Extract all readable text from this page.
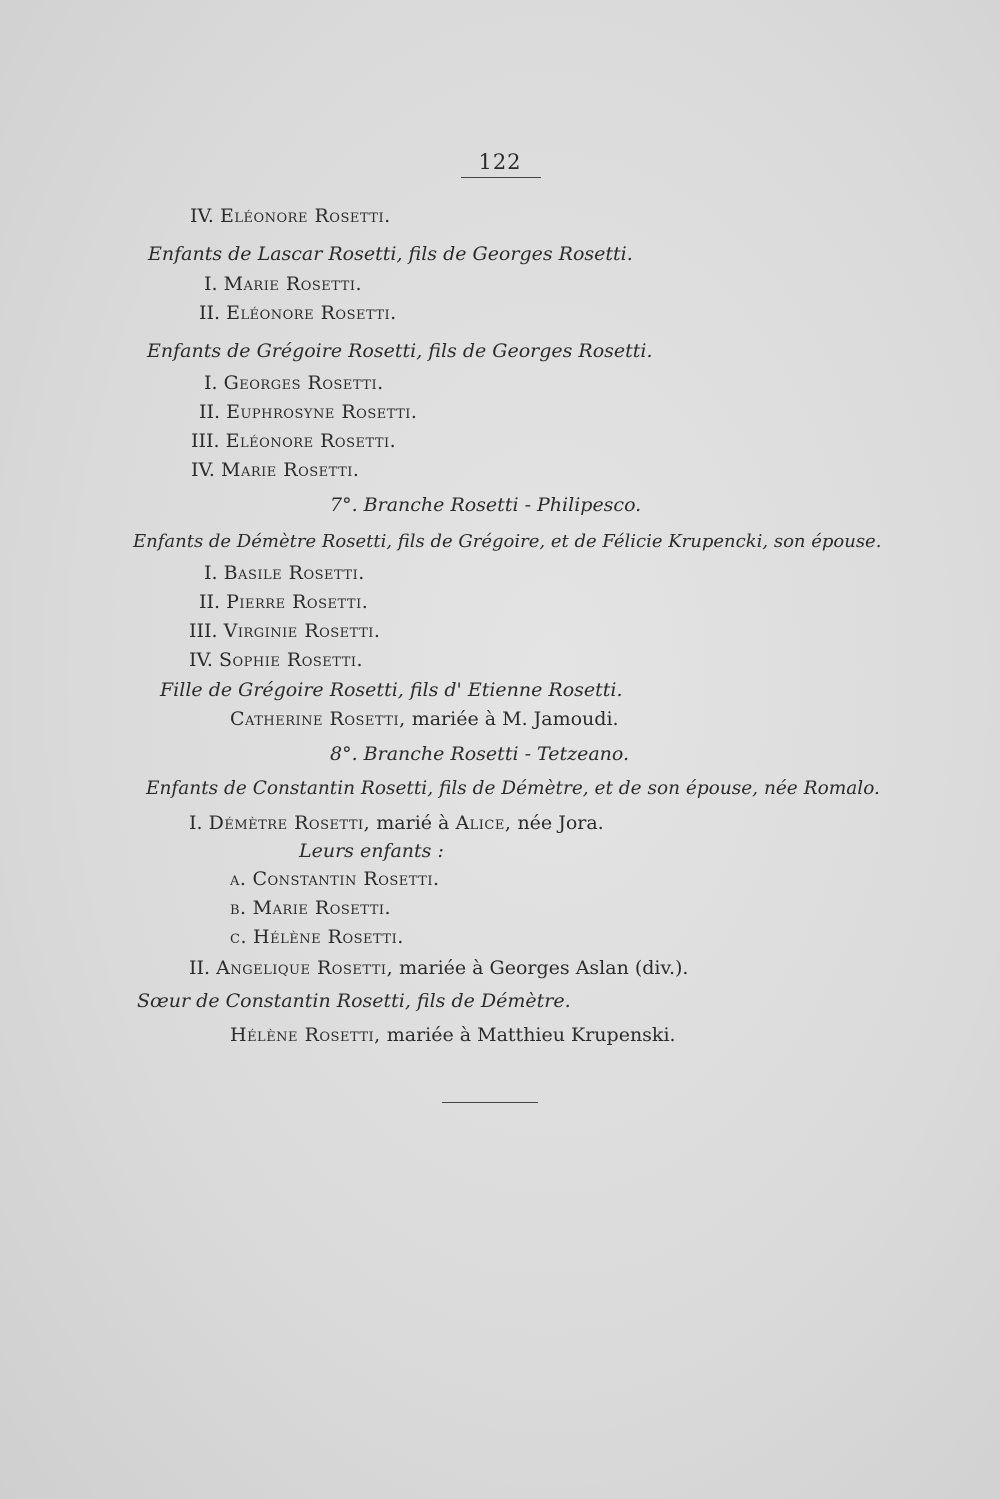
122
IV. Eléonore Rosetti.
Enfants de Lascar Rosetti, fils de Georges Rosetti.
I. Marie Rosetti.
II. Eléonore Rosetti.
Enfants de Grégoire Rosetti, fils de Georges Rosetti.
I. Georges Rosetti.
II. Euphrosyne Rosetti.
III. Eléonore Rosetti.
IV. Marie Rosetti.
7°. Branche Rosetti - Philipesco.
Enfants de Démètre Rosetti, fils de Grégoire, et de Félicie Krupencki, son épouse.
I. Basile Rosetti.
II. Pierre Rosetti.
III. Virginie Rosetti.
IV. Sophie Rosetti.
Fille de Grégoire Rosetti, fils d' Etienne Rosetti.
Catherine Rosetti, mariée à M. Jamoudi.
8°. Branche Rosetti - Tetzeano.
Enfants de Constantin Rosetti, fils de Démètre, et de son épouse, née Romalo.
I. Démètre Rosetti, marié à Alice, née Jora.
Leurs enfants :
a. Constantin Rosetti.
b. Marie Rosetti.
c. Hélène Rosetti.
II. Angelique Rosetti, mariée à Georges Aslan (div.).
Sœur de Constantin Rosetti, fils de Démètre.
Hélène Rosetti, mariée à Matthieu Krupenski.
